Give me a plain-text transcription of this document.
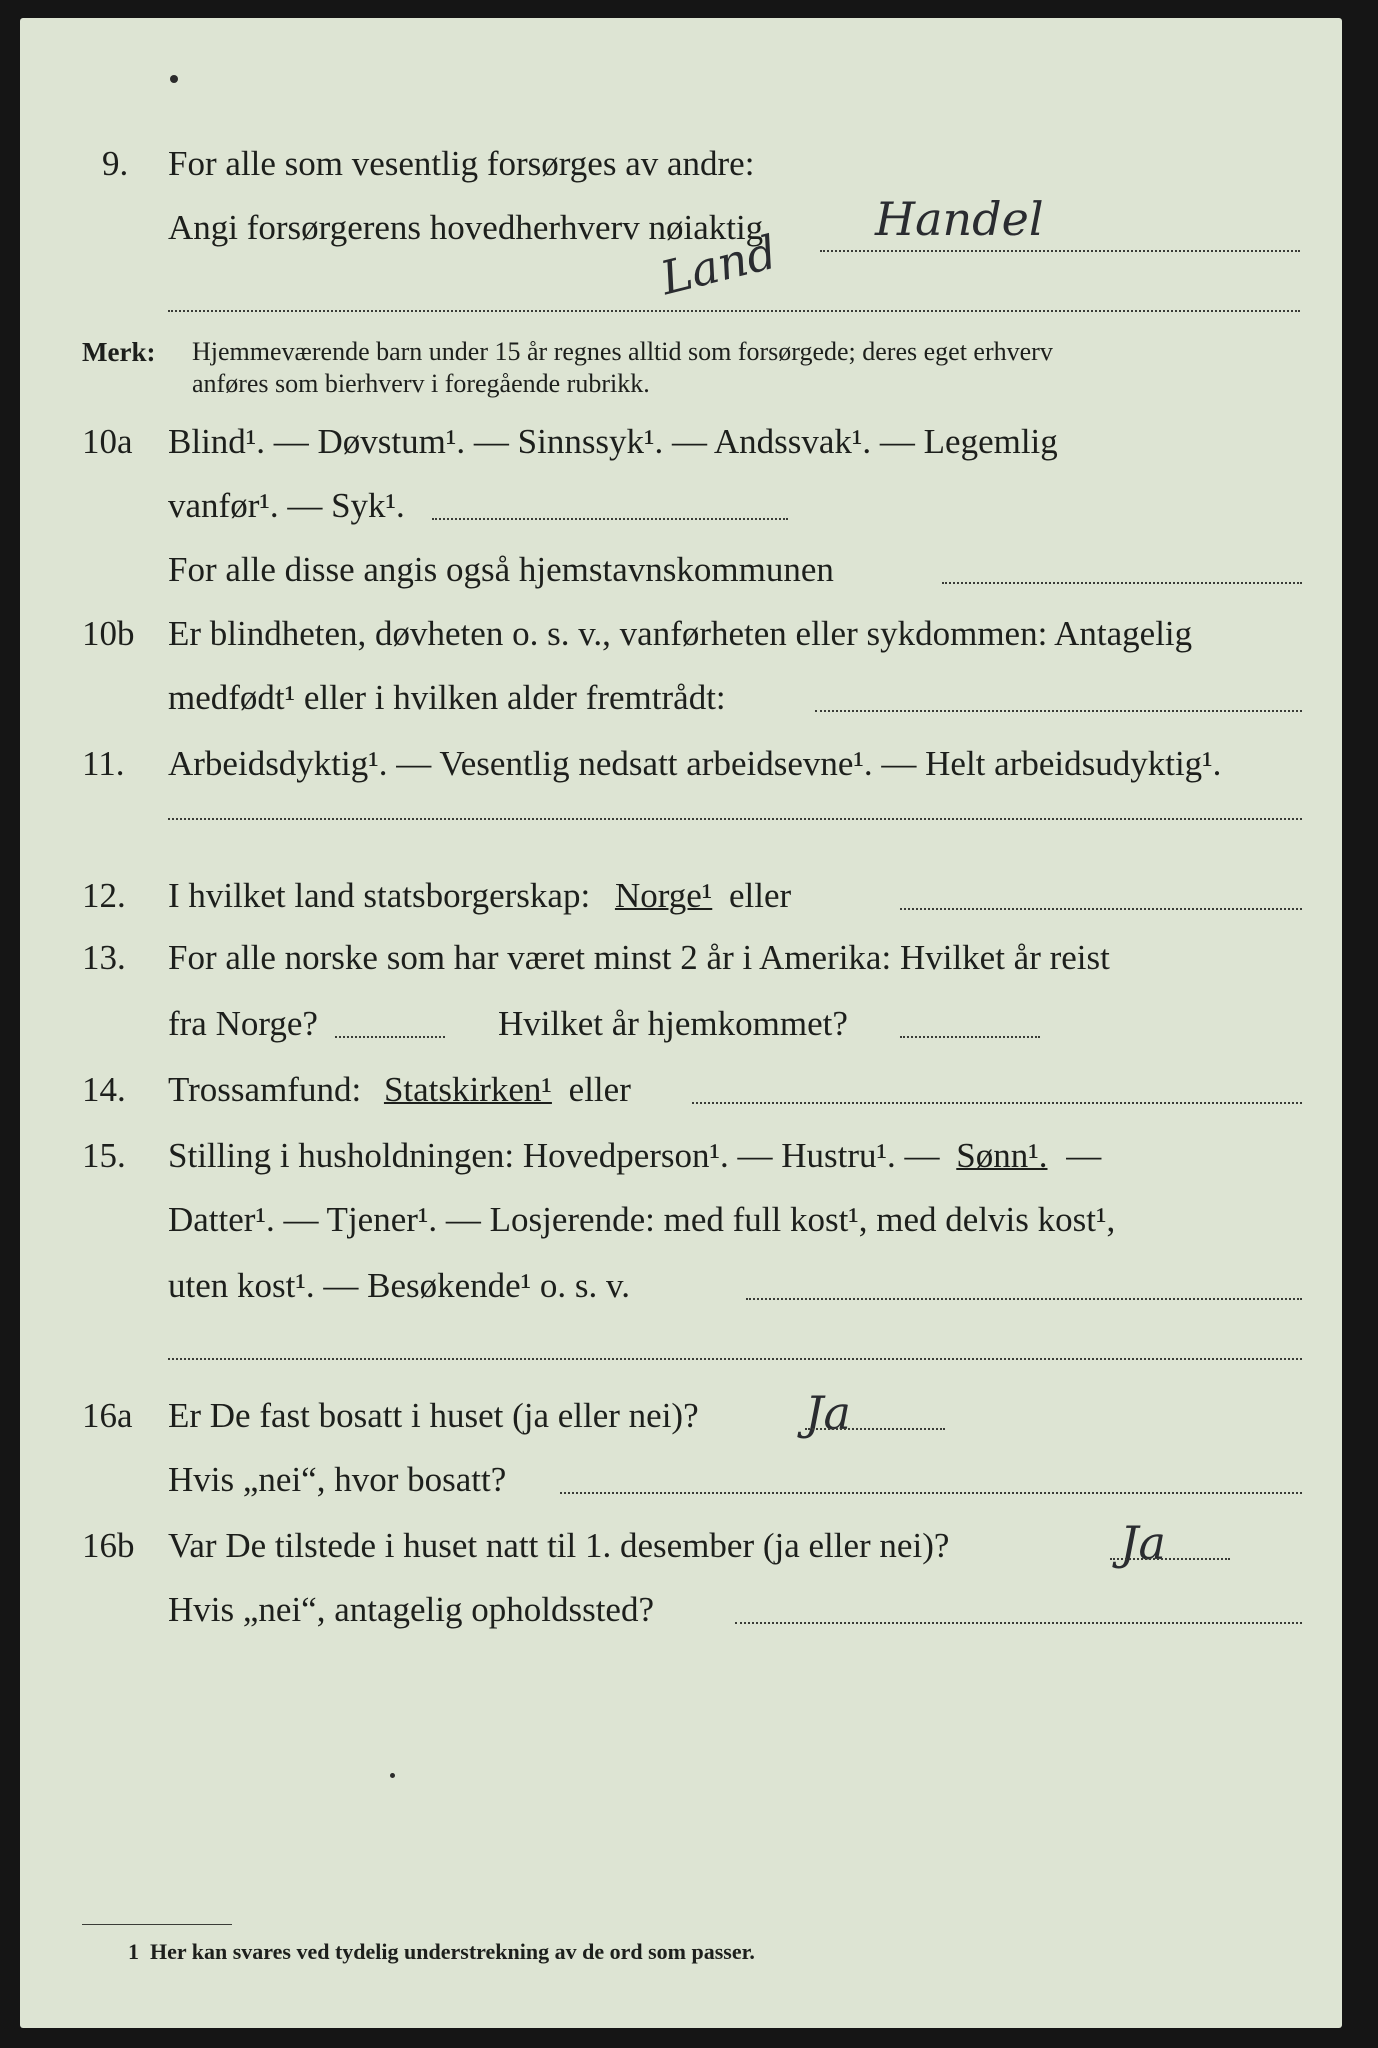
9. For alle som vesentlig forsørges av andre:
Angi forsørgerens hovedherhverv nøiaktig Handel
Land
Merk: Hjemmeværende barn under 15 år regnes alltid som forsørgede; deres eget erhverv
anføres som bierhverv i foregående rubrikk.
10a Blind¹. — Døvstum¹. — Sinnssyk¹. — Andssvak¹. — Legemlig
vanfør¹. — Syk¹.
For alle disse angis også hjemstavnskommunen
10b Er blindheten, døvheten o. s. v., vanførheten eller sykdommen: Antagelig
medfødt¹ eller i hvilken alder fremtrådt:
11. Arbeidsdyktig¹. — Vesentlig nedsatt arbeidsevne¹. — Helt arbeidsudyktig¹.
12. I hvilket land statsborgerskap: Norge¹ eller
13. For alle norske som har været minst 2 år i Amerika: Hvilket år reist
fra Norge?	Hvilket år hjemkommet?
14. Trossamfund: Statskirken¹ eller
15. Stilling i husholdningen: Hovedperson¹. — Hustru¹. — Sønn¹. —
Datter¹. — Tjener¹. — Losjerende: med full kost¹, med delvis kost¹,
uten kost¹. — Besøkende¹ o. s. v.
16a Er De fast bosatt i huset (ja eller nei)? Ja
Hvis „nei“, hvor bosatt?
16b Var De tilstede i huset natt til 1. desember (ja eller nei)?	Ja
Hvis „nei“, antagelig opholdssted?
1 Her kan svares ved tydelig understrekning av de ord som passer.
